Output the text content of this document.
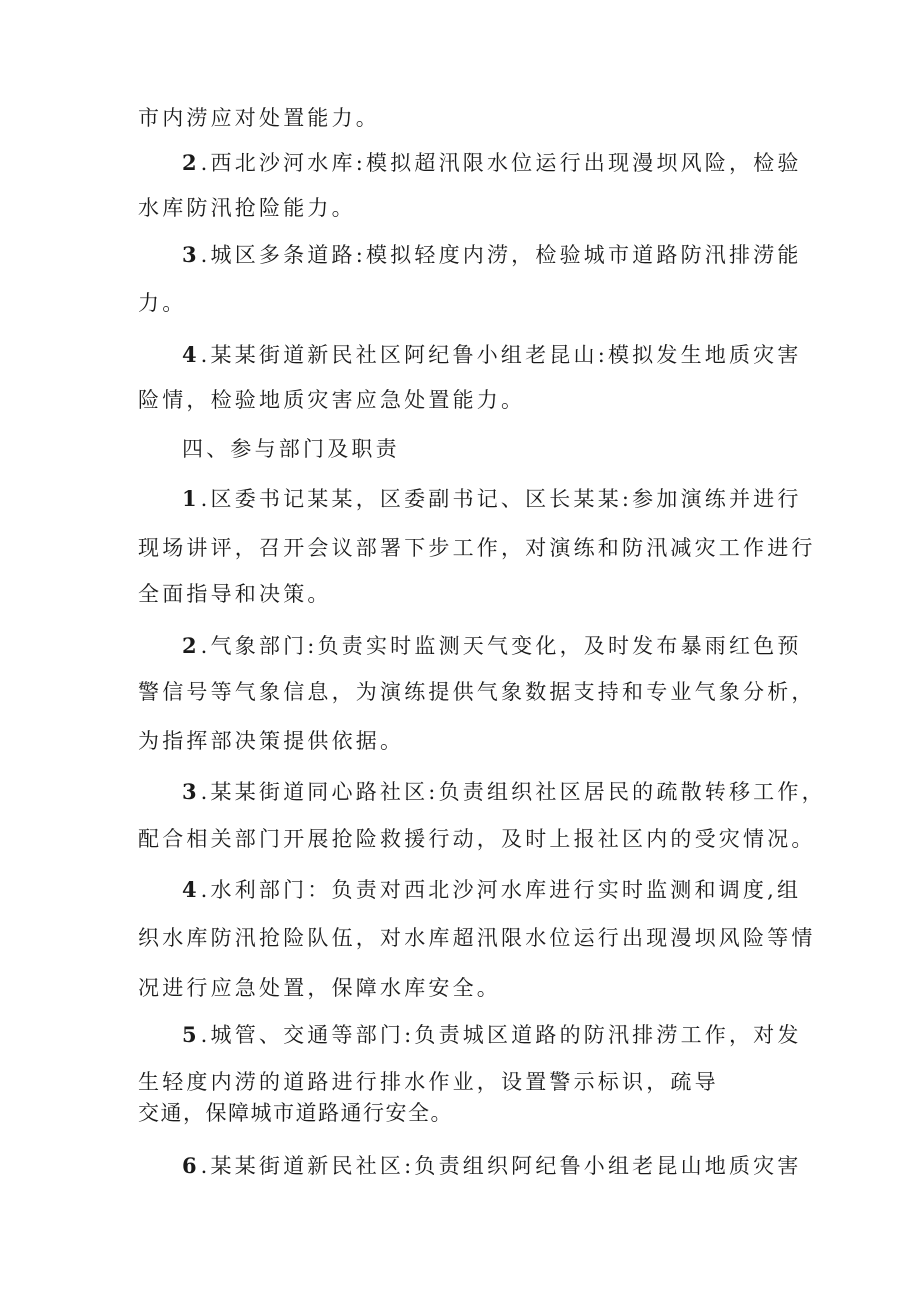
市内涝应对处置能力。
2 .西北沙河水库:模拟超汛限水位运行出现漫坝风险，检验
水库防汛抢险能力。
3 .城区多条道路:模拟轻度内涝，检验城市道路防汛排涝能
力。
4 .某某街道新民社区阿纪鲁小组老昆山:模拟发生地质灾害
险情，检验地质灾害应急处置能力。
四、参与部门及职责
1 .区委书记某某，区委副书记、区长某某:参加演练并进行
现场讲评，召开会议部署下步工作，对演练和防汛减灾工作进行
全面指导和决策。
2 .气象部门:负责实时监测天气变化，及时发布暴雨红色预
警信号等气象信息，为演练提供气象数据支持和专业气象分析，
为指挥部决策提供依据。
3 .某某街道同心路社区:负责组织社区居民的疏散转移工作，
配合相关部门开展抢险救援行动，及时上报社区内的受灾情况。
4 .水利部门：负责对西北沙河水库进行实时监测和调度,组
织水库防汛抢险队伍，对水库超汛限水位运行出现漫坝风险等情
况进行应急处置，保障水库安全。
5 .城管、交通等部门:负责城区道路的防汛排涝工作，对发
生轻度内涝的道路进行排水作业，设置警示标识，疏导
交通，保障城市道路通行安全。
6 .某某街道新民社区:负责组织阿纪鲁小组老昆山地质灾害
